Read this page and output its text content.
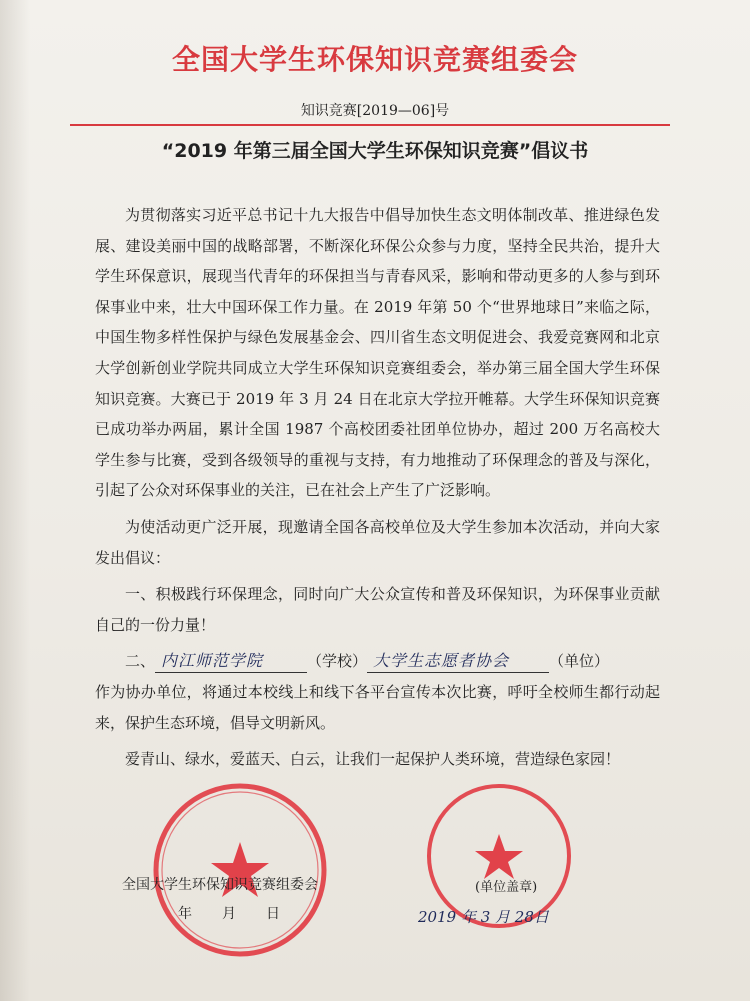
全国大学生环保知识竞赛组委会
知识竞赛[2019—06]号
“2019 年第三届全国大学生环保知识竞赛”倡议书

为贯彻落实习近平总书记十九大报告中倡导加快生态文明体制改革、推进绿色发展、建设美丽中国的战略部署，不断深化环保公众参与力度，坚持全民共治，提升大学生环保意识，展现当代青年的环保担当与青春风采，影响和带动更多的人参与到环保事业中来，壮大中国环保工作力量。在 2019 年第 50 个“世界地球日”来临之际，中国生物多样性保护与绿色发展基金会、四川省生态文明促进会、我爱竞赛网和北京大学创新创业学院共同成立大学生环保知识竞赛组委会，举办第三届全国大学生环保知识竞赛。大赛已于 2019 年 3 月 24 日在北京大学拉开帷幕。大学生环保知识竞赛已成功举办两届，累计全国 1987 个高校团委社团单位协办，超过 200 万名高校大学生参与比赛，受到各级领导的重视与支持，有力地推动了环保理念的普及与深化，引起了公众对环保事业的关注，已在社会上产生了广泛影响。

为使活动更广泛开展，现邀请全国各高校单位及大学生参加本次活动，并向大家发出倡议：

一、积极践行环保理念，同时向广大公众宣传和普及环保知识，为环保事业贡献自己的一份力量！

二、 内江师范学院	（学校） 大学生志愿者协会	（单位）

作为协办单位，将通过本校线上和线下各平台宣传本次比赛，呼吁全校师生都行动起来，保护生态环境，倡导文明新风。

爱青山、绿水，爱蓝天、白云，让我们一起保护人类环境，营造绿色家园！

全国大学生环保知识竞赛组委会
年月日
(单位盖章)
2019 年 3 月 28日
